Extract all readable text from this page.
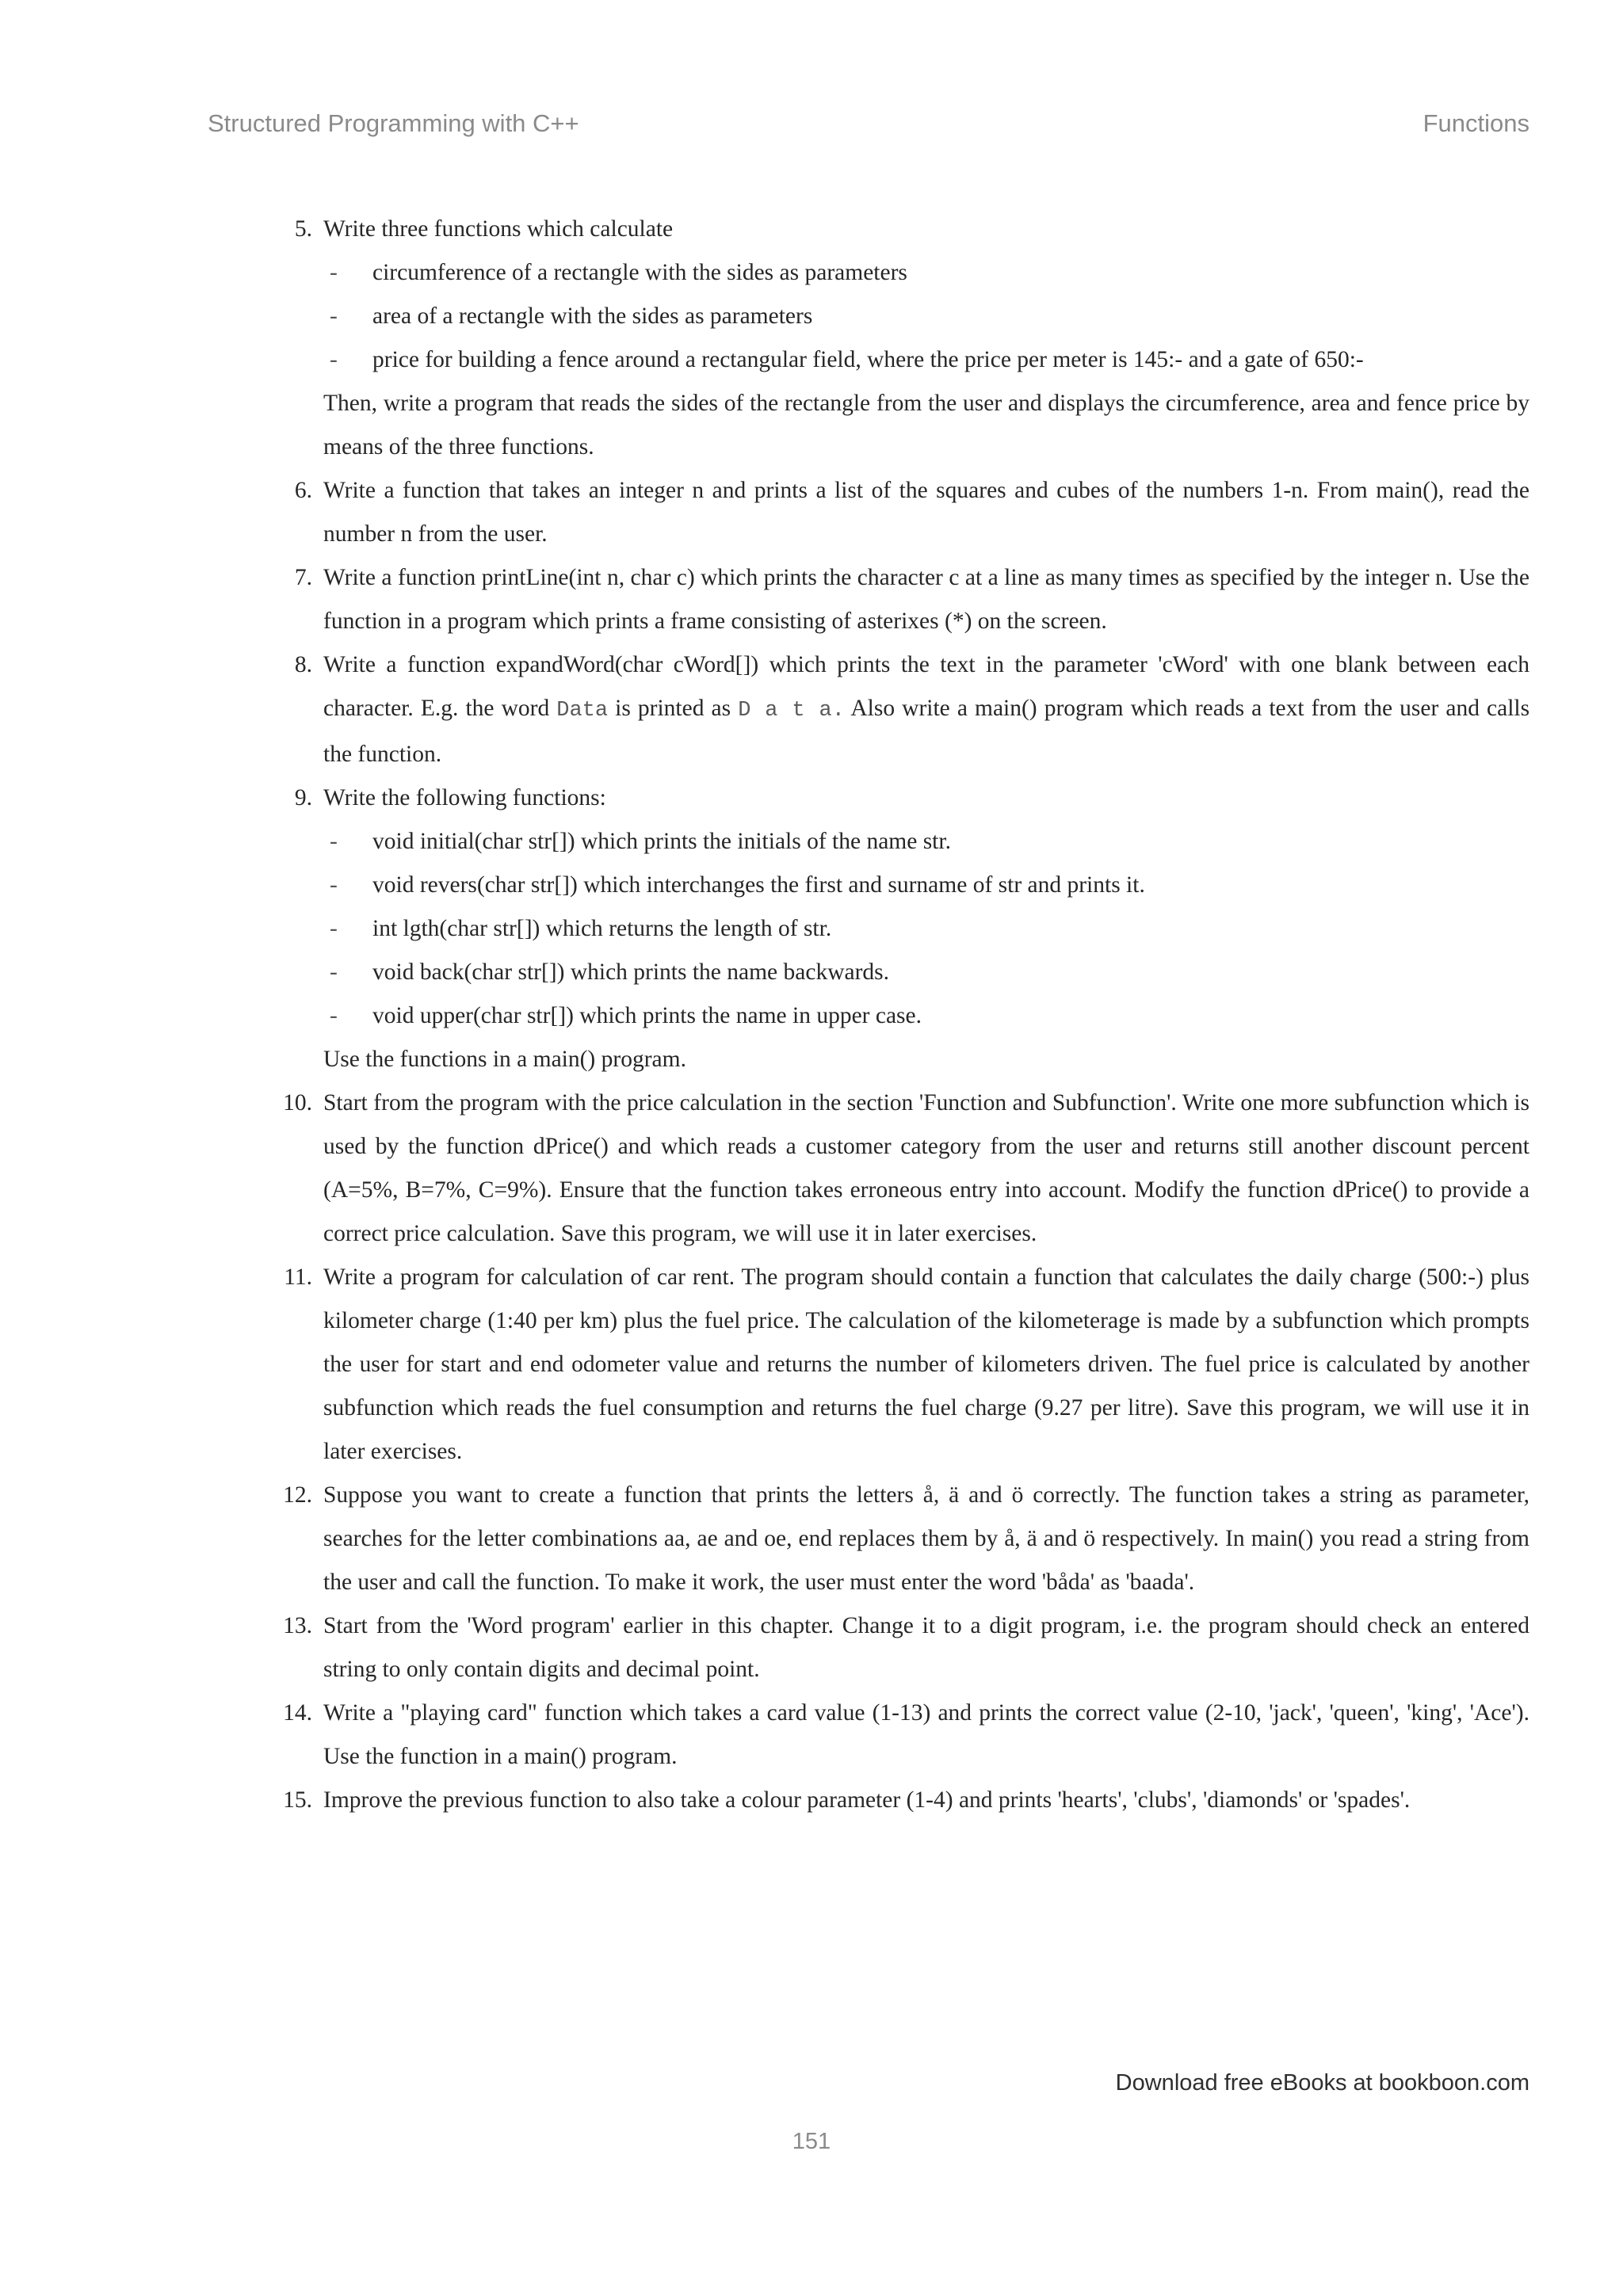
Structured Programming with C++	Functions
5. Write three functions which calculate
- circumference of a rectangle with the sides as parameters
- area of a rectangle with the sides as parameters
- price for building a fence around a rectangular field, where the price per meter is 145:- and a gate of 650:-
Then, write a program that reads the sides of the rectangle from the user and displays the circumference, area and fence price by means of the three functions.
6. Write a function that takes an integer n and prints a list of the squares and cubes of the numbers 1-n. From main(), read the number n from the user.
7. Write a function printLine(int n, char c) which prints the character c at a line as many times as specified by the integer n. Use the function in a program which prints a frame consisting of asterixes (*) on the screen.
8. Write a function expandWord(char cWord[]) which prints the text in the parameter 'cWord' with one blank between each character. E.g. the word Data is printed as D a t a. Also write a main() program which reads a text from the user and calls the function.
9. Write the following functions:
- void initial(char str[]) which prints the initials of the name str.
- void revers(char str[]) which interchanges the first and surname of str and prints it.
- int lgth(char str[]) which returns the length of str.
- void back(char str[]) which prints the name backwards.
- void upper(char str[]) which prints the name in upper case.
Use the functions in a main() program.
10. Start from the program with the price calculation in the section 'Function and Subfunction'. Write one more subfunction which is used by the function dPrice() and which reads a customer category from the user and returns still another discount percent (A=5%, B=7%, C=9%). Ensure that the function takes erroneous entry into account. Modify the function dPrice() to provide a correct price calculation. Save this program, we will use it in later exercises.
11. Write a program for calculation of car rent. The program should contain a function that calculates the daily charge (500:-) plus kilometer charge (1:40 per km) plus the fuel price. The calculation of the kilometerage is made by a subfunction which prompts the user for start and end odometer value and returns the number of kilometers driven. The fuel price is calculated by another subfunction which reads the fuel consumption and returns the fuel charge (9.27 per litre). Save this program, we will use it in later exercises.
12. Suppose you want to create a function that prints the letters å, ä and ö correctly. The function takes a string as parameter, searches for the letter combinations aa, ae and oe, end replaces them by å, ä and ö respectively. In main() you read a string from the user and call the function. To make it work, the user must enter the word 'båda' as 'baada'.
13. Start from the 'Word program' earlier in this chapter. Change it to a digit program, i.e. the program should check an entered string to only contain digits and decimal point.
14. Write a "playing card" function which takes a card value (1-13) and prints the correct value (2-10, 'jack', 'queen', 'king', 'Ace'). Use the function in a main() program.
15. Improve the previous function to also take a colour parameter (1-4) and prints 'hearts', 'clubs', 'diamonds' or 'spades'.
Download free eBooks at bookboon.com
151
